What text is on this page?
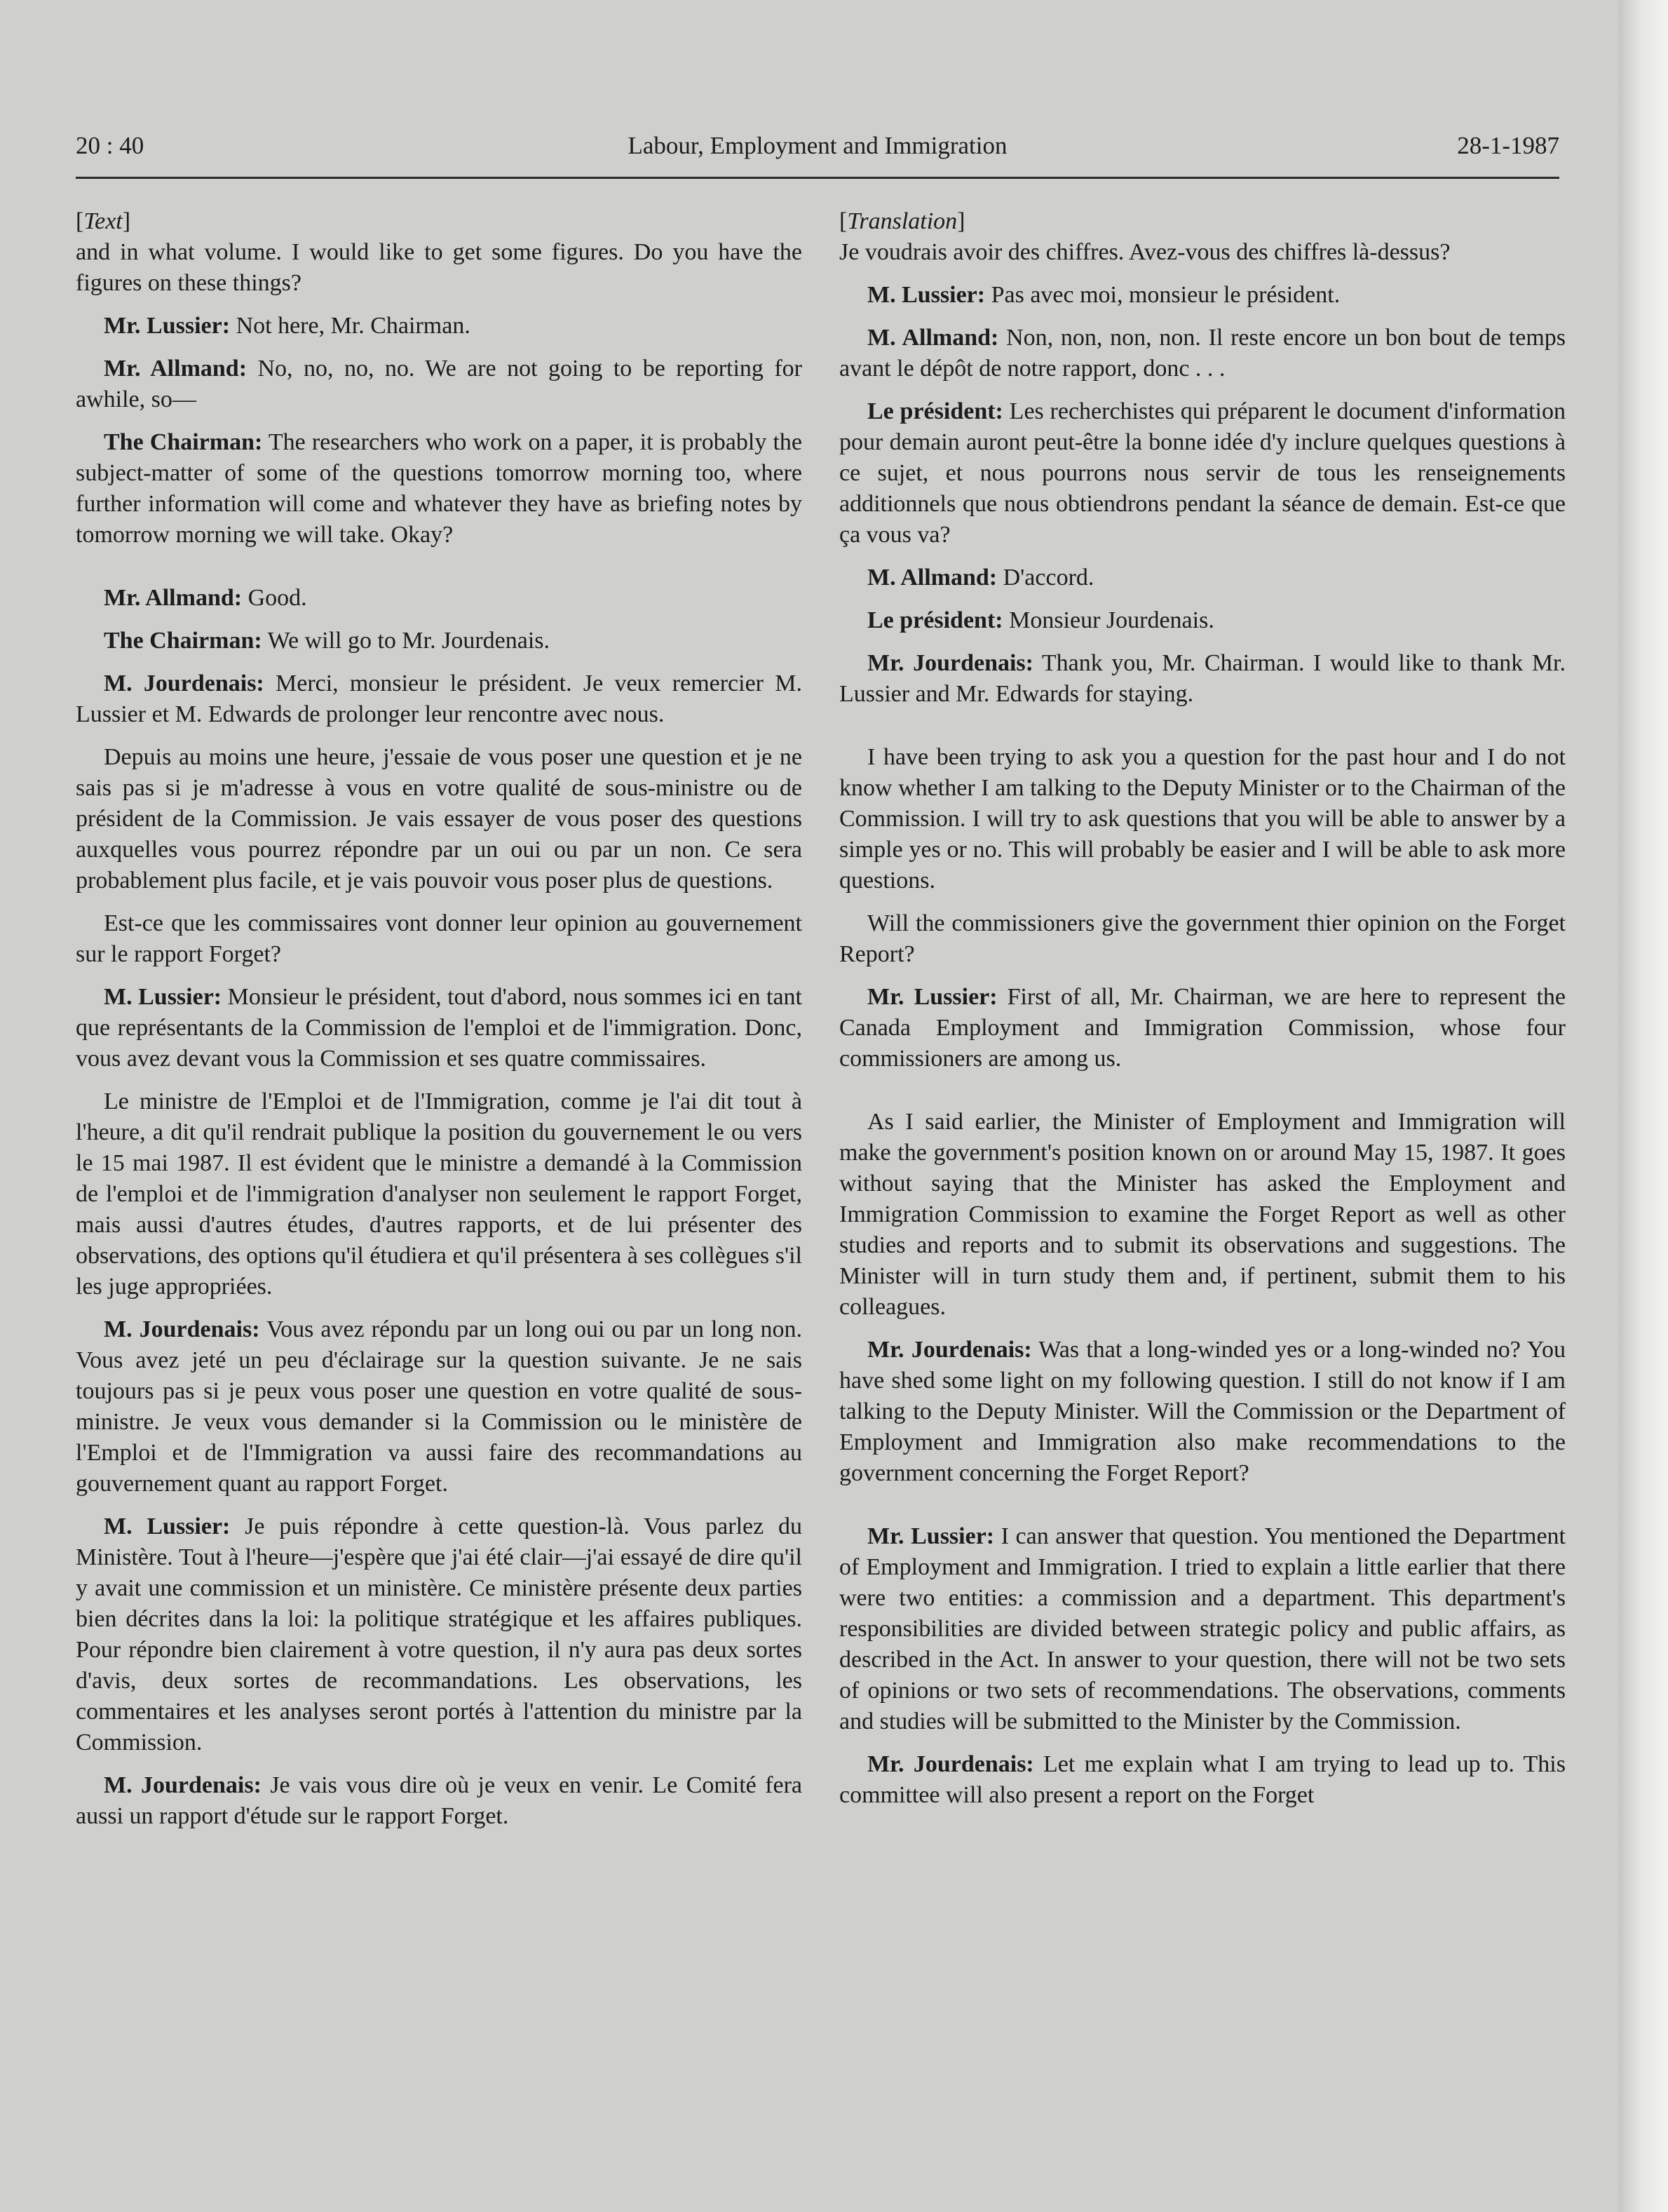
20 : 40	Labour, Employment and Immigration	28-1-1987

[Text]

and in what volume. I would like to get some figures. Do you have the figures on these things?

Mr. Lussier: Not here, Mr. Chairman.

Mr. Allmand: No, no, no, no. We are not going to be reporting for awhile, so—

The Chairman: The researchers who work on a paper, it is probably the subject-matter of some of the questions tomorrow morning too, where further information will come and whatever they have as briefing notes by tomorrow morning we will take. Okay?

Mr. Allmand: Good.

The Chairman: We will go to Mr. Jourdenais.

M. Jourdenais: Merci, monsieur le président. Je veux remercier M. Lussier et M. Edwards de prolonger leur rencontre avec nous.

Depuis au moins une heure, j'essaie de vous poser une question et je ne sais pas si je m'adresse à vous en votre qualité de sous-ministre ou de président de la Commission. Je vais essayer de vous poser des questions auxquelles vous pourrez répondre par un oui ou par un non. Ce sera probablement plus facile, et je vais pouvoir vous poser plus de questions.

Est-ce que les commissaires vont donner leur opinion au gouvernement sur le rapport Forget?

M. Lussier: Monsieur le président, tout d'abord, nous sommes ici en tant que représentants de la Commission de l'emploi et de l'immigration. Donc, vous avez devant vous la Commission et ses quatre commissaires.

Le ministre de l'Emploi et de l'Immigration, comme je l'ai dit tout à l'heure, a dit qu'il rendrait publique la position du gouvernement le ou vers le 15 mai 1987. Il est évident que le ministre a demandé à la Commission de l'emploi et de l'immigration d'analyser non seulement le rapport Forget, mais aussi d'autres études, d'autres rapports, et de lui présenter des observations, des options qu'il étudiera et qu'il présentera à ses collègues s'il les juge appropriées.

M. Jourdenais: Vous avez répondu par un long oui ou par un long non. Vous avez jeté un peu d'éclairage sur la question suivante. Je ne sais toujours pas si je peux vous poser une question en votre qualité de sous-ministre. Je veux vous demander si la Commission ou le ministère de l'Emploi et de l'Immigration va aussi faire des recommandations au gouvernement quant au rapport Forget.

M. Lussier: Je puis répondre à cette question-là. Vous parlez du Ministère. Tout à l'heure—j'espère que j'ai été clair—j'ai essayé de dire qu'il y avait une commission et un ministère. Ce ministère présente deux parties bien décrites dans la loi: la politique stratégique et les affaires publiques. Pour répondre bien clairement à votre question, il n'y aura pas deux sortes d'avis, deux sortes de recommandations. Les observations, les commentaires et les analyses seront portés à l'attention du ministre par la Commission.

M. Jourdenais: Je vais vous dire où je veux en venir. Le Comité fera aussi un rapport d'étude sur le rapport Forget.

[Translation]

Je voudrais avoir des chiffres. Avez-vous des chiffres là-dessus?

M. Lussier: Pas avec moi, monsieur le président.

M. Allmand: Non, non, non, non. Il reste encore un bon bout de temps avant le dépôt de notre rapport, donc . . .

Le président: Les recherchistes qui préparent le document d'information pour demain auront peut-être la bonne idée d'y inclure quelques questions à ce sujet, et nous pourrons nous servir de tous les renseignements additionnels que nous obtiendrons pendant la séance de demain. Est-ce que ça vous va?

M. Allmand: D'accord.

Le président: Monsieur Jourdenais.

Mr. Jourdenais: Thank you, Mr. Chairman. I would like to thank Mr. Lussier and Mr. Edwards for staying.

I have been trying to ask you a question for the past hour and I do not know whether I am talking to the Deputy Minister or to the Chairman of the Commission. I will try to ask questions that you will be able to answer by a simple yes or no. This will probably be easier and I will be able to ask more questions.

Will the commissioners give the government thier opinion on the Forget Report?

Mr. Lussier: First of all, Mr. Chairman, we are here to represent the Canada Employment and Immigration Commission, whose four commissioners are among us.

As I said earlier, the Minister of Employment and Immigration will make the government's position known on or around May 15, 1987. It goes without saying that the Minister has asked the Employment and Immigration Commission to examine the Forget Report as well as other studies and reports and to submit its observations and suggestions. The Minister will in turn study them and, if pertinent, submit them to his colleagues.

Mr. Jourdenais: Was that a long-winded yes or a long-winded no? You have shed some light on my following question. I still do not know if I am talking to the Deputy Minister. Will the Commission or the Department of Employment and Immigration also make recommendations to the government concerning the Forget Report?

Mr. Lussier: I can answer that question. You mentioned the Department of Employment and Immigration. I tried to explain a little earlier that there were two entities: a commission and a department. This department's responsibilities are divided between strategic policy and public affairs, as described in the Act. In answer to your question, there will not be two sets of opinions or two sets of recommendations. The observations, comments and studies will be submitted to the Minister by the Commission.

Mr. Jourdenais: Let me explain what I am trying to lead up to. This committee will also present a report on the Forget
